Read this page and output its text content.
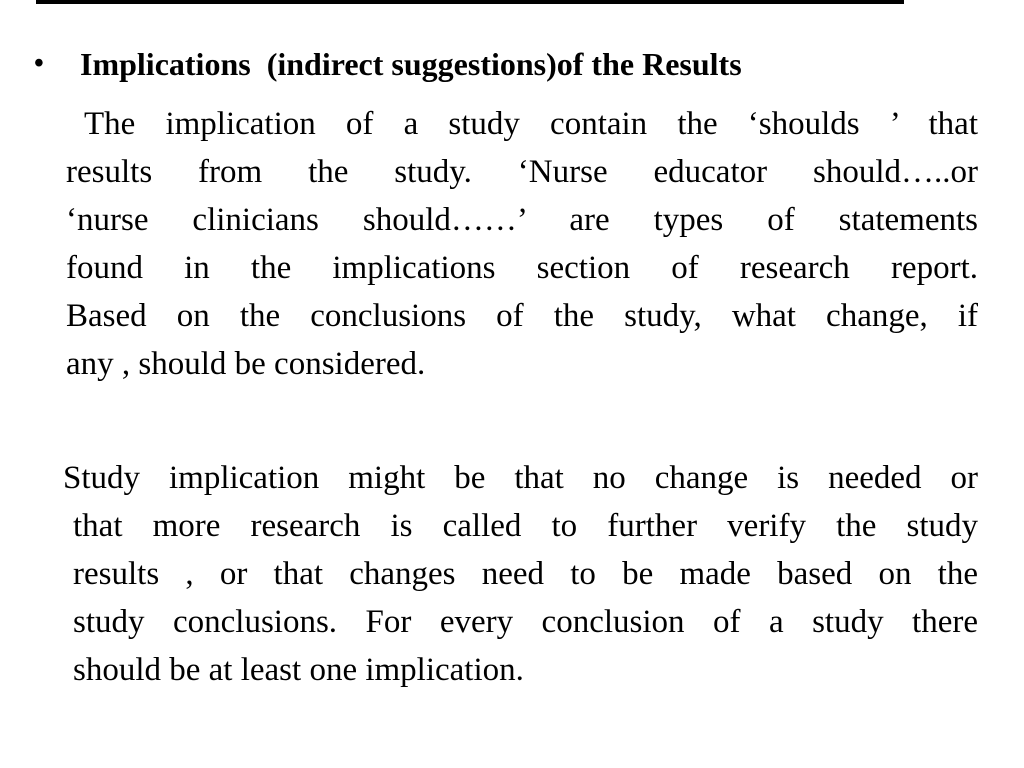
•	Implications  (indirect suggestions)of the Results
The implication of a study contain the ‘shoulds ’ that
results from the study. ‘Nurse educator should…..or
‘nurse clinicians should……’ are types of statements
found in the implications section of research report.
Based on the conclusions of the study, what change, if
any , should be considered.
Study implication might be that no change is needed or
that more research is called to further verify the study
results , or that changes need to be made based on the
study conclusions. For every conclusion of a study there
should be at least one implication.
